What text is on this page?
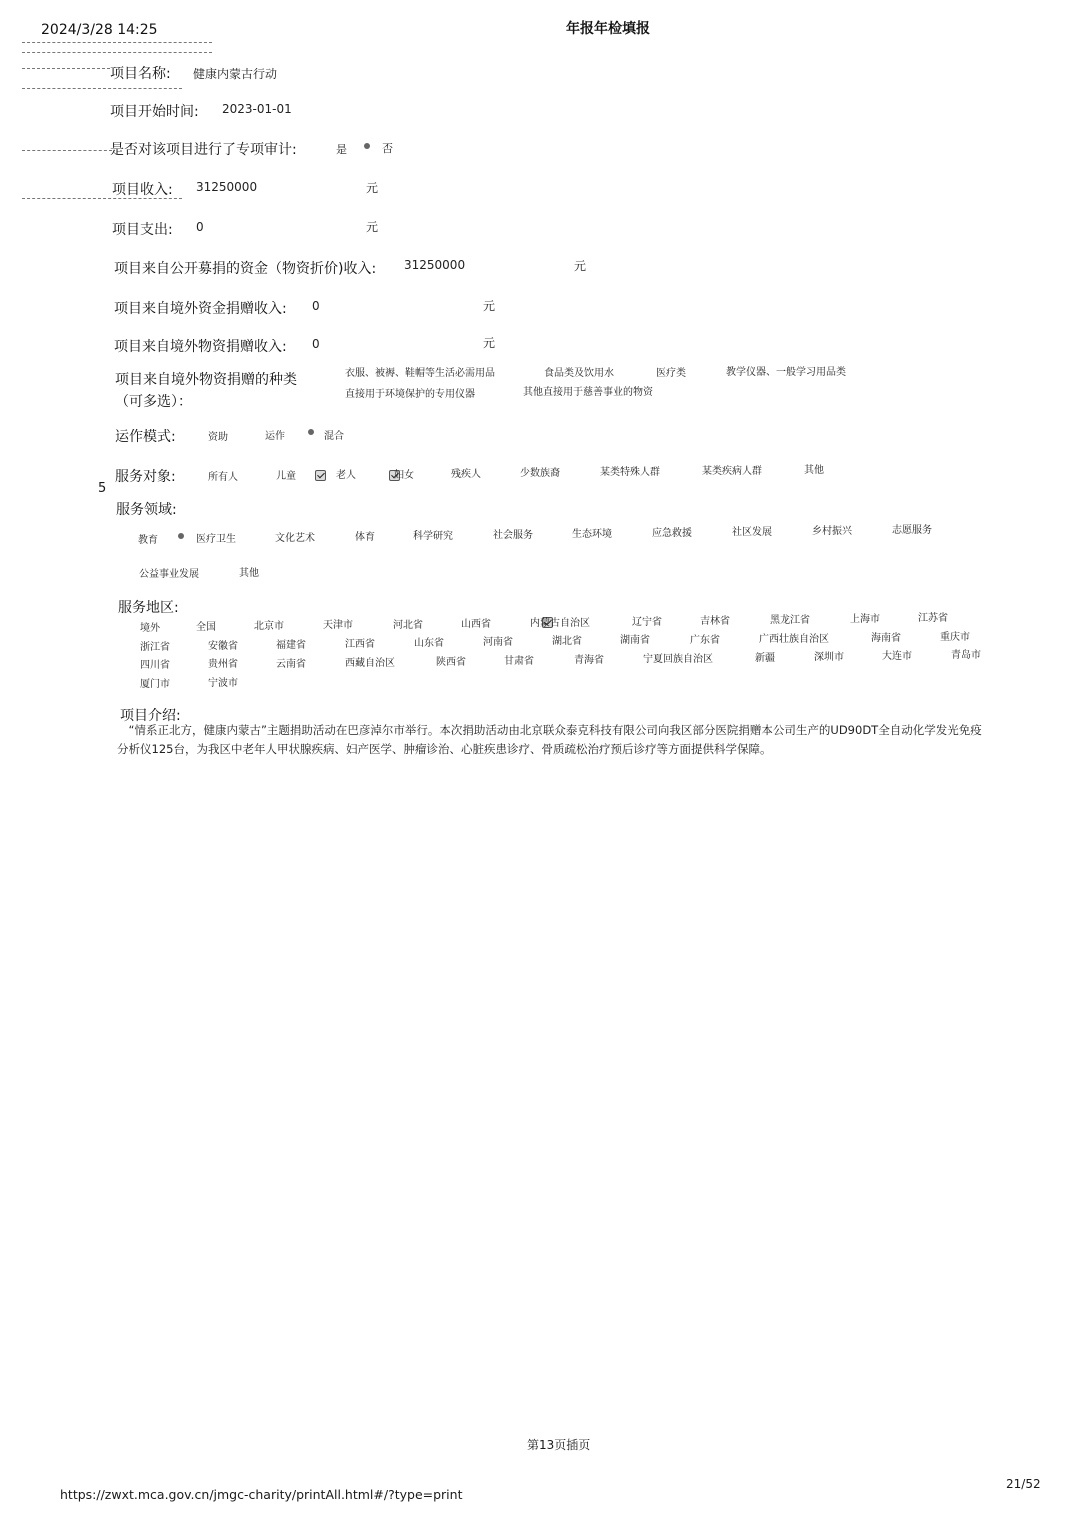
2024/3/28 14:25	年报年检填报
项目名称: 健康内蒙古行动
项目开始时间: 2023-01-01
是否对该项目进行了专项审计:	是	否
项目收入: 31250000	元
项目支出: 0	元
项目来自公开募捐的资金（物资折价)收入: 31250000	元
项目来自境外资金捐赠收入: 0	元
项目来自境外物资捐赠收入: 0	元
项目来自境外物资捐赠的种类
（可多选）：
衣服、被褥、鞋帽等生活必需用品	食品类及饮用水	医疗类	教学仪器、一般学习用品类
直接用于环境保护的专用仪器	其他直接用于慈善事业的物资
运作模式:	资助	运作	混合
服务对象:	所有人	儿童
	老人
	妇女	残疾人	少数族裔	某类特殊人群	某类疾病人群	其他
5
服务领域:
教育	医疗卫生	文化艺术	体育	科学研究	社会服务	生态环境	应急救援	社区发展	乡村振兴	志愿服务
公益事业发展	其他
服务地区:
境外	全国	北京市	天津市	河北省	山西省	内蒙古自治区	辽宁省	吉林省	黑龙江省	上海市	江苏省
浙江省	安徽省	福建省	江西省	山东省	河南省	湖北省	湖南省	广东省	广西壮族自治区	海南省	重庆市
四川省	贵州省	云南省	西藏自治区	陕西省	甘肃省	青海省	宁夏回族自治区	新疆	深圳市	大连市	青岛市
厦门市	宁波市
项目介绍:
“情系正北方，健康内蒙古”主题捐助活动在巴彦淖尔市举行。本次捐助活动由北京联众泰克科技有限公司向我区部分医院捐赠本公司生产的UD90DT全自动化学发光免疫分析仪125台，为我区中老年人甲状腺疾病、妇产医学、肿瘤诊治、心脏疾患诊疗、骨质疏松治疗预后诊疗等方面提供科学保障。
第13页插页
21/52
https://zwxt.mca.gov.cn/jmgc-charity/printAll.html#/?type=print
